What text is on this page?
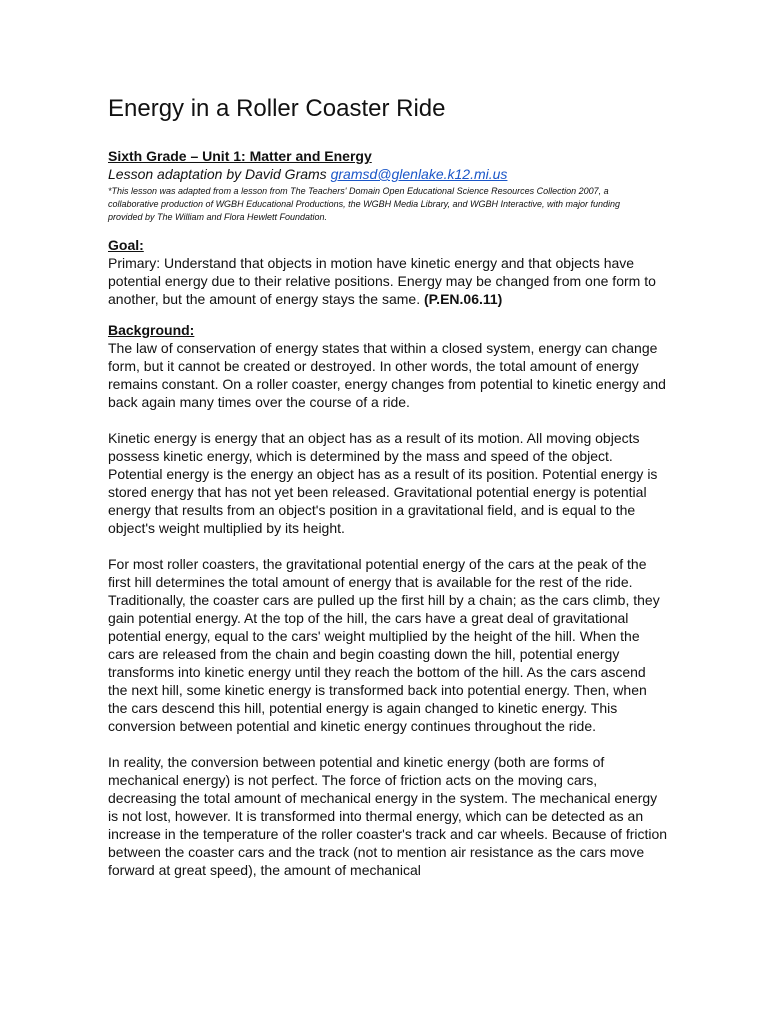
Energy in a Roller Coaster Ride

Sixth Grade – Unit 1: Matter and Energy

Lesson adaptation by David Grams gramsd@glenlake.k12.mi.us

*This lesson was adapted from a lesson from The Teachers' Domain Open Educational Science Resources Collection 2007, a collaborative production of WGBH Educational Productions, the WGBH Media Library, and WGBH Interactive, with major funding provided by The William and Flora Hewlett Foundation.

Goal:

Primary: Understand that objects in motion have kinetic energy and that objects have potential energy due to their relative positions. Energy may be changed from one form to another, but the amount of energy stays the same. (P.EN.06.11)

Background:

The law of conservation of energy states that within a closed system, energy can change form, but it cannot be created or destroyed. In other words, the total amount of energy remains constant. On a roller coaster, energy changes from potential to kinetic energy and back again many times over the course of a ride.

Kinetic energy is energy that an object has as a result of its motion. All moving objects possess kinetic energy, which is determined by the mass and speed of the object. Potential energy is the energy an object has as a result of its position. Potential energy is stored energy that has not yet been released. Gravitational potential energy is potential energy that results from an object's position in a gravitational field, and is equal to the object's weight multiplied by its height.

For most roller coasters, the gravitational potential energy of the cars at the peak of the first hill determines the total amount of energy that is available for the rest of the ride. Traditionally, the coaster cars are pulled up the first hill by a chain; as the cars climb, they gain potential energy. At the top of the hill, the cars have a great deal of gravitational potential energy, equal to the cars' weight multiplied by the height of the hill. When the cars are released from the chain and begin coasting down the hill, potential energy transforms into kinetic energy until they reach the bottom of the hill. As the cars ascend the next hill, some kinetic energy is transformed back into potential energy. Then, when the cars descend this hill, potential energy is again changed to kinetic energy. This conversion between potential and kinetic energy continues throughout the ride.

In reality, the conversion between potential and kinetic energy (both are forms of mechanical energy) is not perfect. The force of friction acts on the moving cars, decreasing the total amount of mechanical energy in the system. The mechanical energy is not lost, however. It is transformed into thermal energy, which can be detected as an increase in the temperature of the roller coaster's track and car wheels. Because of friction between the coaster cars and the track (not to mention air resistance as the cars move forward at great speed), the amount of mechanical
